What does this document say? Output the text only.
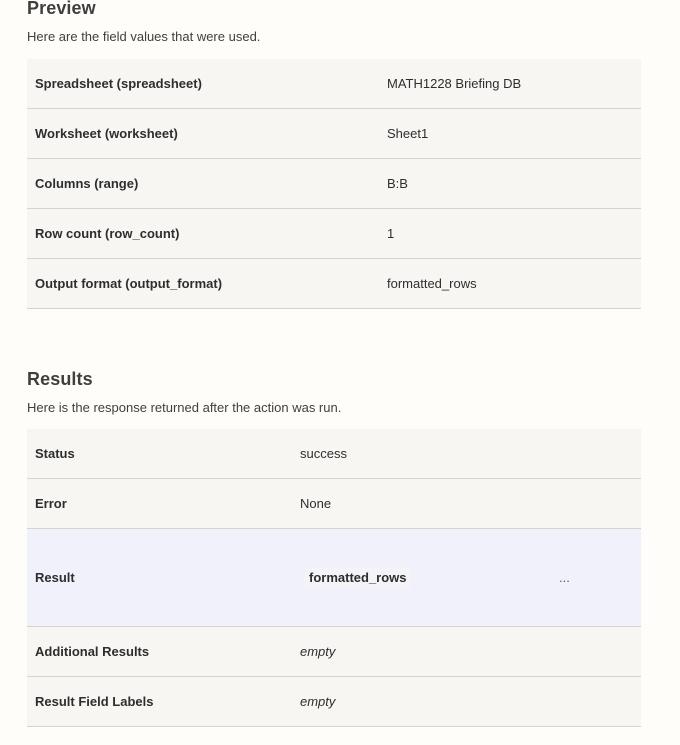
Preview

Here are the field values that were used.

Spreadsheet (spreadsheet)	MATH1228 Briefing DB
Worksheet (worksheet)	Sheet1
Columns (range)	B:B
Row count (row_count)	1
Output format (output_format)	formatted_rows
Results

Here is the response returned after the action was run.

Status	success
Error	None
Result	formatted_rows	...
Additional Results	empty
Result Field Labels	empty
